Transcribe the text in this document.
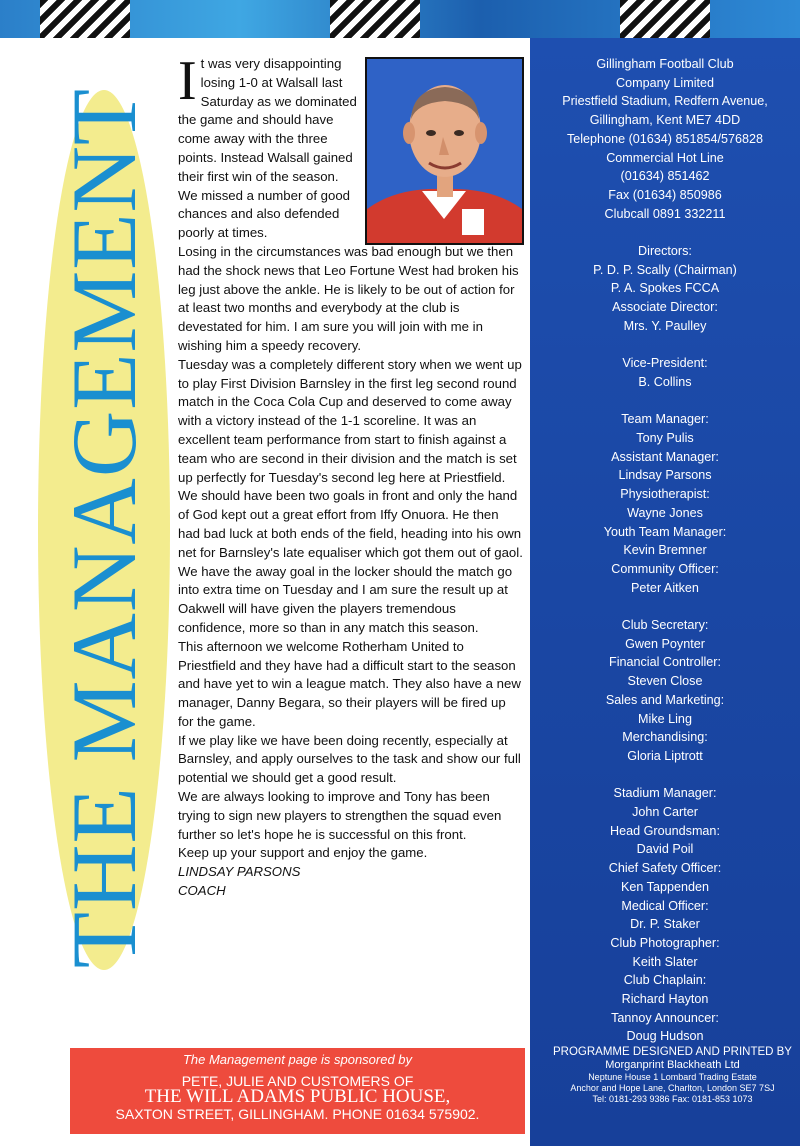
THE MANAGEMENT
I t was very disappointing losing 1-0 at Walsall last Saturday as we dominated the game and should have come away with the three points. Instead Walsall gained their first win of the season. We missed a number of good chances and also defended poorly at times.

Losing in the circumstances was bad enough but we then had the shock news that Leo Fortune West had broken his leg just above the ankle. He is likely to be out of action for at least two months and everybody at the club is devestated for him. I am sure you will join with me in wishing him a speedy recovery.

Tuesday was a completely different story when we went up to play First Division Barnsley in the first leg second round match in the Coca Cola Cup and deserved to come away with a victory instead of the 1-1 scoreline. It was an excellent team performance from start to finish against a team who are second in their division and the match is set up perfectly for Tuesday's second leg here at Priestfield.

We should have been two goals in front and only the hand of God kept out a great effort from Iffy Onuora. He then had bad luck at both ends of the field, heading into his own net for Barnsley's late equaliser which got them out of gaol.

We have the away goal in the locker should the match go into extra time on Tuesday and I am sure the result up at Oakwell will have given the players tremendous confidence, more so than in any match this season.

This afternoon we welcome Rotherham United to Priestfield and they have had a difficult start to the season and have yet to win a league match. They also have a new manager, Danny Begara, so their players will be fired up for the game.

If we play like we have been doing recently, especially at Barnsley, and apply ourselves to the task and show our full potential we should get a good result.

We are always looking to improve and Tony has been trying to sign new players to strengthen the squad even further so let's hope he is successful on this front.

Keep up your support and enjoy the game.

LINDSAY PARSONS

COACH

The Management page is sponsored by
PETE, JULIE AND CUSTOMERS OF
THE WILL ADAMS PUBLIC HOUSE,
SAXTON STREET, GILLINGHAM. PHONE 01634 575902.
Gillingham Football Club
Company Limited
Priestfield Stadium, Redfern Avenue,
Gillingham, Kent ME7 4DD
Telephone (01634) 851854/576828
Commercial Hot Line
(01634) 851462
Fax (01634) 850986
Clubcall 0891 332211
Directors:
P. D. P. Scally (Chairman)
P. A. Spokes FCCA
Associate Director:
Mrs. Y. Paulley
Vice-President:
B. Collins
Team Manager:
Tony Pulis
Assistant Manager:
Lindsay Parsons
Physiotherapist:
Wayne Jones
Youth Team Manager:
Kevin Bremner
Community Officer:
Peter Aitken
Club Secretary:
Gwen Poynter
Financial Controller:
Steven Close
Sales and Marketing:
Mike Ling
Merchandising:
Gloria Liptrott
Stadium Manager:
John Carter
Head Groundsman:
David Poil
Chief Safety Officer:
Ken Tappenden
Medical Officer:
Dr. P. Staker
Club Photographer:
Keith Slater
Club Chaplain:
Richard Hayton
Tannoy Announcer:
Doug Hudson
PROGRAMME DESIGNED AND PRINTED BY
Morganprint Blackheath Ltd
Neptune House 1 Lombard Trading Estate
Anchor and Hope Lane, Charlton, London SE7 7SJ
Tel: 0181-293 9386 Fax: 0181-853 1073
